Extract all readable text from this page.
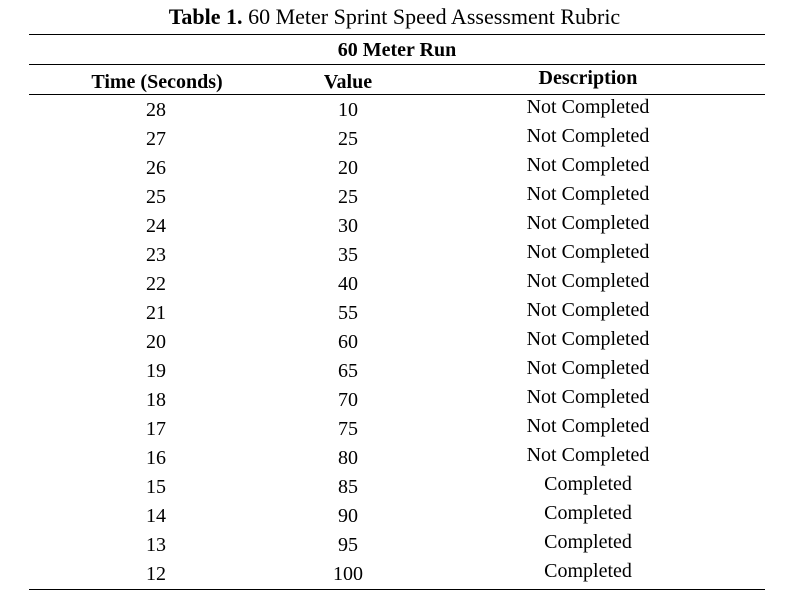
Table 1. 60 Meter Sprint Speed Assessment Rubric
60 Meter Run
Time (Seconds)	Value	Description
28	10	Not Completed
27	25	Not Completed
26	20	Not Completed
25	25	Not Completed
24	30	Not Completed
23	35	Not Completed
22	40	Not Completed
21	55	Not Completed
20	60	Not Completed
19	65	Not Completed
18	70	Not Completed
17	75	Not Completed
16	80	Not Completed
15	85	Completed
14	90	Completed
13	95	Completed
12	100	Completed
